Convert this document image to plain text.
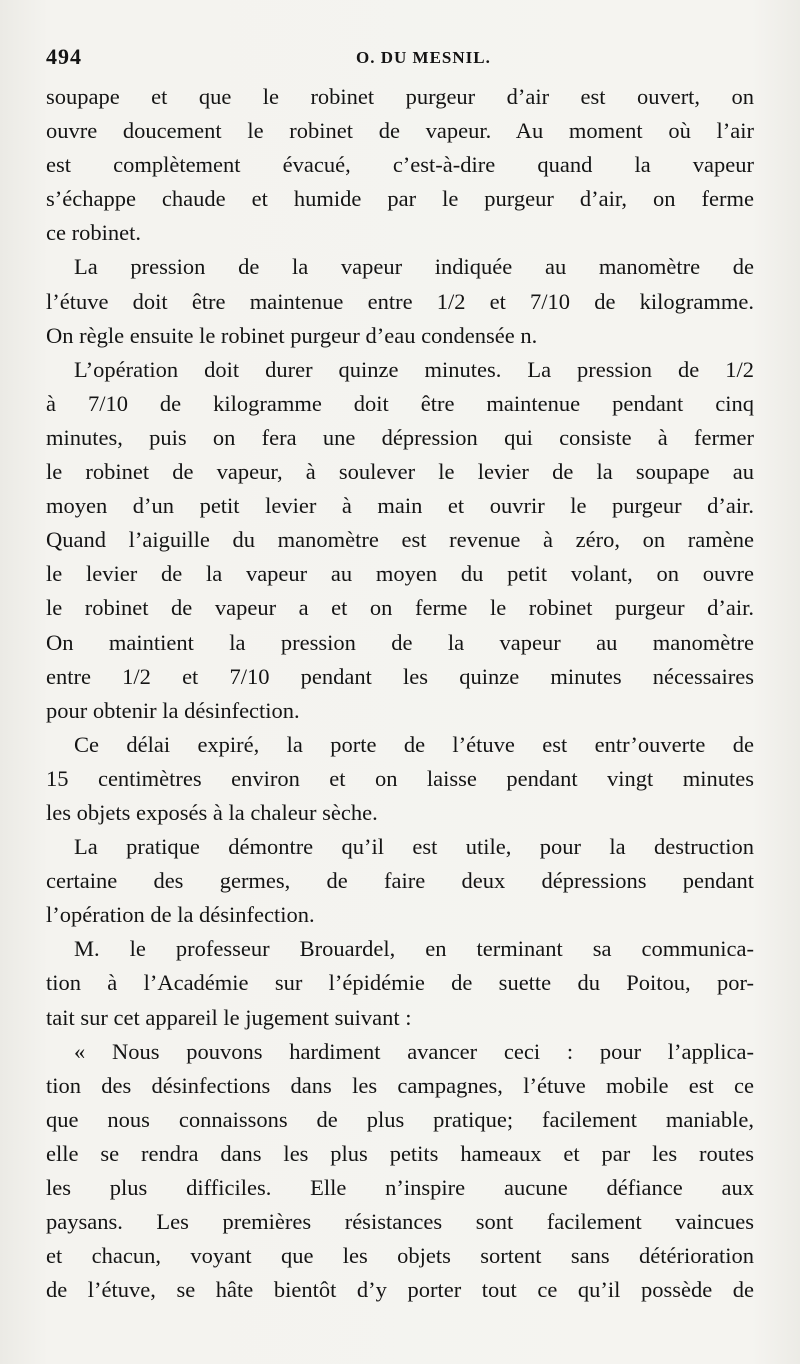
494	O. DU MESNIL.
soupape et que le robinet purgeur d’air est ouvert, on
ouvre doucement le robinet de vapeur. Au moment où l’air
est complètement évacué, c’est-à-dire quand la vapeur
s’échappe chaude et humide par le purgeur d’air, on ferme
ce robinet.
La pression de la vapeur indiquée au manomètre de
l’étuve doit être maintenue entre 1/2 et 7/10 de kilogramme.
On règle ensuite le robinet purgeur d’eau condensée n.
L’opération doit durer quinze minutes. La pression de 1/2
à 7/10 de kilogramme doit être maintenue pendant cinq
minutes, puis on fera une dépression qui consiste à fermer
le robinet de vapeur, à soulever le levier de la soupape au
moyen d’un petit levier à main et ouvrir le purgeur d’air.
Quand l’aiguille du manomètre est revenue à zéro, on ramène
le levier de la vapeur au moyen du petit volant, on ouvre
le robinet de vapeur a et on ferme le robinet purgeur d’air.
On maintient la pression de la vapeur au manomètre
entre 1/2 et 7/10 pendant les quinze minutes nécessaires
pour obtenir la désinfection.
Ce délai expiré, la porte de l’étuve est entr’ouverte de
15 centimètres environ et on laisse pendant vingt minutes
les objets exposés à la chaleur sèche.
La pratique démontre qu’il est utile, pour la destruction
certaine des germes, de faire deux dépressions pendant
l’opération de la désinfection.
M. le professeur Brouardel, en terminant sa communica-
tion à l’Académie sur l’épidémie de suette du Poitou, por-
tait sur cet appareil le jugement suivant :
« Nous pouvons hardiment avancer ceci : pour l’applica-
tion des désinfections dans les campagnes, l’étuve mobile est ce
que nous connaissons de plus pratique; facilement maniable,
elle se rendra dans les plus petits hameaux et par les routes
les plus difficiles. Elle n’inspire aucune défiance aux
paysans. Les premières résistances sont facilement vaincues
et chacun, voyant que les objets sortent sans détérioration
de l’étuve, se hâte bientôt d’y porter tout ce qu’il possède de
